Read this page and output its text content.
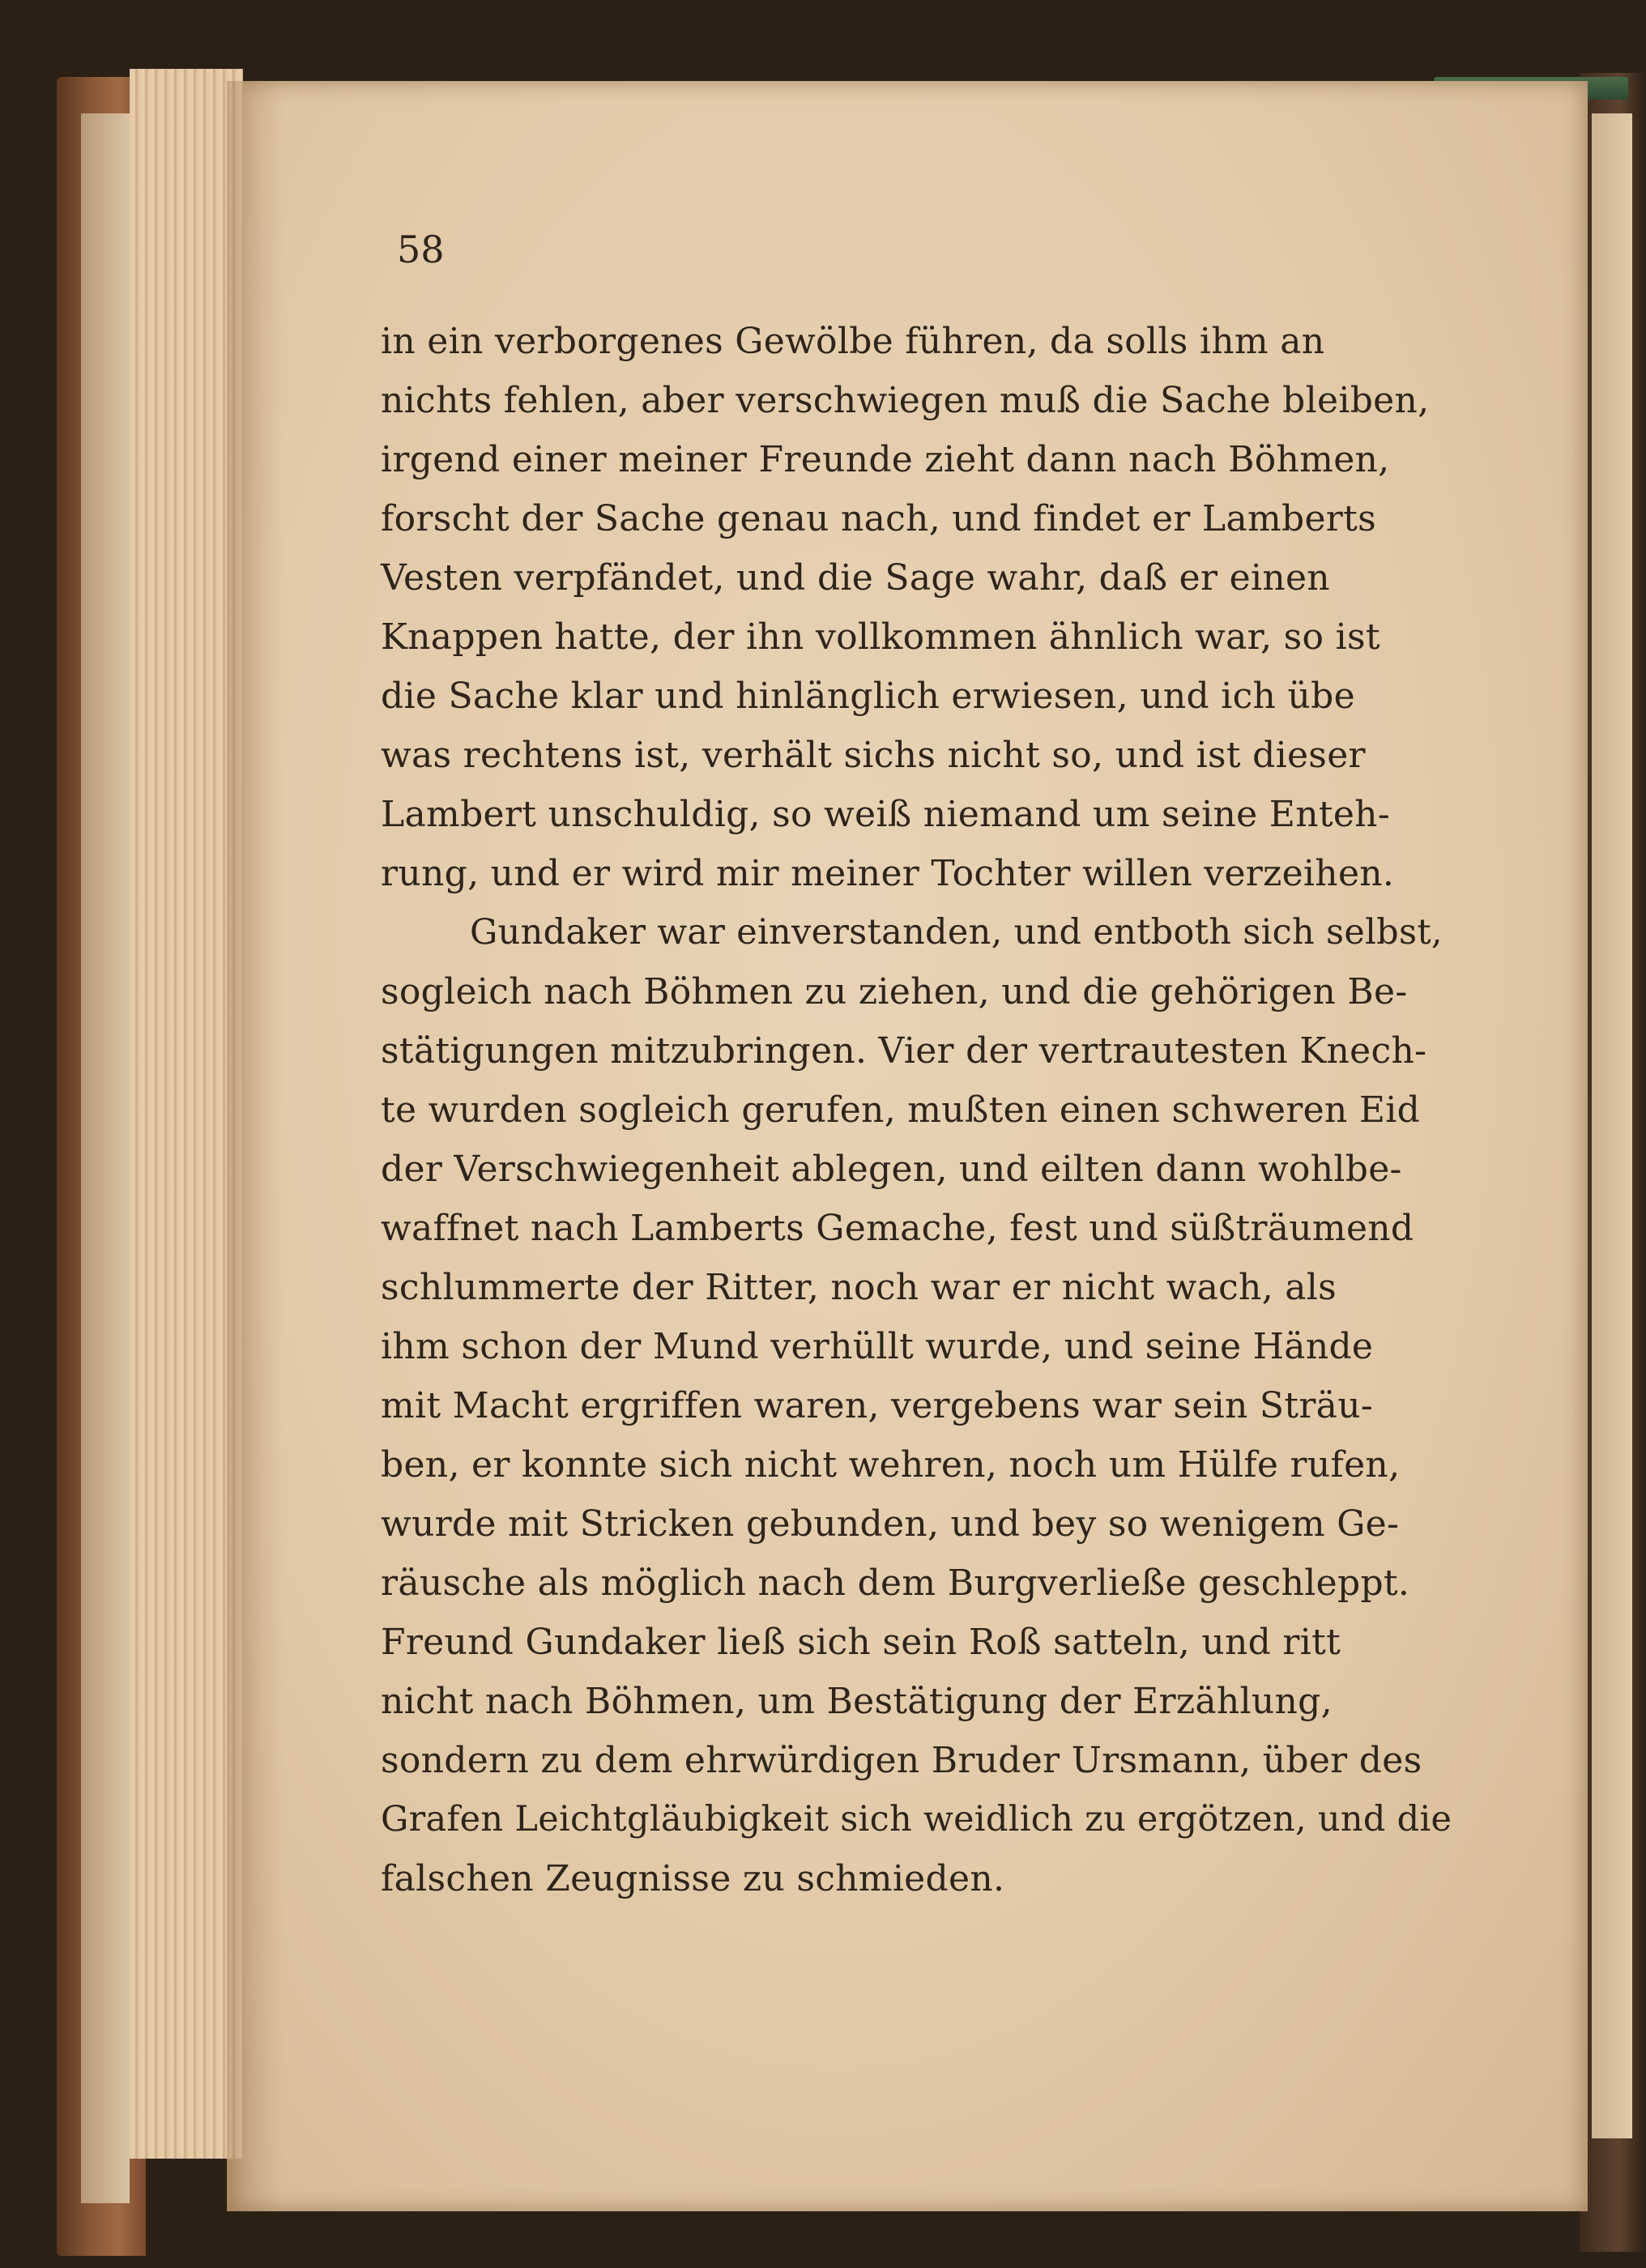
58

in ein verborgenes Gewölbe führen, da solls ihm an
nichts fehlen, aber verschwiegen muß die Sache bleiben,
irgend einer meiner Freunde zieht dann nach Böhmen,
forscht der Sache genau nach, und findet er Lamberts
Vesten verpfändet, und die Sage wahr, daß er einen
Knappen hatte, der ihn vollkommen ähnlich war, so ist
die Sache klar und hinlänglich erwiesen, und ich übe
was rechtens ist, verhält sichs nicht so, und ist dieser
Lambert unschuldig, so weiß niemand um seine Enteh-
rung, und er wird mir meiner Tochter willen verzeihen.
Gundaker war einverstanden, und entboth sich selbst,
sogleich nach Böhmen zu ziehen, und die gehörigen Be-
stätigungen mitzubringen. Vier der vertrautesten Knech-
te wurden sogleich gerufen, mußten einen schweren Eid
der Verschwiegenheit ablegen, und eilten dann wohlbe-
waffnet nach Lamberts Gemache, fest und süßträumend
schlummerte der Ritter, noch war er nicht wach, als
ihm schon der Mund verhüllt wurde, und seine Hände
mit Macht ergriffen waren, vergebens war sein Sträu-
ben, er konnte sich nicht wehren, noch um Hülfe rufen,
wurde mit Stricken gebunden, und bey so wenigem Ge-
räusche als möglich nach dem Burgverließe geschleppt.
Freund Gundaker ließ sich sein Roß satteln, und ritt
nicht nach Böhmen, um Bestätigung der Erzählung,
sondern zu dem ehrwürdigen Bruder Ursmann, über des
Grafen Leichtgläubigkeit sich weidlich zu ergötzen, und die
falschen Zeugnisse zu schmieden.
